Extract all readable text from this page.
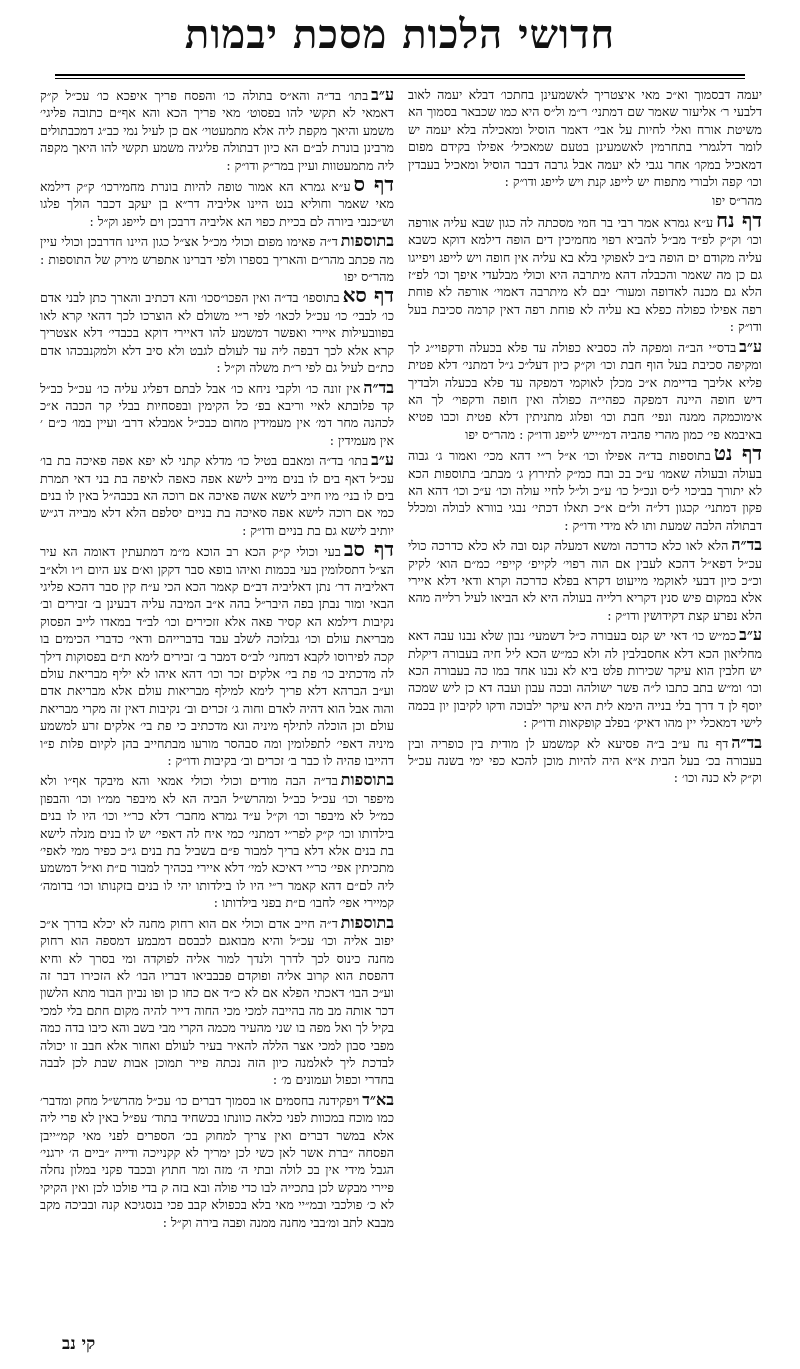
חדושי הלכות מסכת יבמות

יעמה דבסמוך וא״כ מאי איצטריך לאשמעינן בחתכו׳ דבלא יעמה לאוב דלבעי ר׳ אליעזר שאמר שם דמתני׳ ר״מ ול״ס היא כמו שכבאר בסמוך הא משיטת אורח ואלי לחיות על אבי׳ דאמר הוסיל ומאכילה בלא יעמה יש לומר דלגמרי בתחרמין לאשמעינן בטעם שמאכיל׳ אפילו בקידם מפום דמאכיל במקו׳ אחר נגבי לא יעמה אבל גרבה דבבר הוסיל ומאכיל בעבדין וכו׳ קפה ולבורי מתפוח יש לייפג קנת ויש לייפג ודו״ק :

מהר״ס יפו

דף נחע״א גמרא אמר רבי בר חמי מסכתה לה כגון שבא עליה אורפה וכו׳ וק״ק לפ״ד מב״ל להביא רפוי מחמיכין דים הופה דילמא דוקא כשבא עליה מקודם ים הופה ב״ב לאפוקי בלא בא עליה אין חופה ויש לייפג ויפייגו גם כן מה שאמר והכבלה דהא מיתרבה היא וכולי מבלעדי איפך וכו׳ לפ״ז הלא גם מכנה לאדופה ומעור׳ יבם לא מיתרבה דאמוי׳ אורפה לא פוחת רפה אפילו כפולה כפלא בא עליה לא פוחת רפה דאין קרמה סכיבת בעל ודו״ק :

ע״בבדס״י הב״ה ומפקה לה כסביא כפולה עד פלא בכעלה ודקפוי״ג לך ומקיפה סכיבת בעל הוף חבת וכו׳ וק״ק כיון דעל״כ ג״ל דמתני׳ דלא פטית פליא אליבך בדיימת א״כ מכלן לאוקמי דמפקה עד פלא בכעלה ולבדיך דיש חופה היינה דמפקה כפהי״ה כפולה ואין חופה ודקפוי׳ לך הא אימוכמקה ממנה ונפי׳ חבת וכו׳ ופלוג מתניתין דלא פטית וכבו פטיא באיבמא פי׳ כמון מהרי פהביה דמ״ייש לייפג ודו״ק : מהר״ס יפו

דף נטבתוספות בד״ה אפילו וכו׳ א״ל ר״י דהא מכי׳ ואמור ג׳ גבוה בעולה ובעולה שאמו׳ ע״כ בכ ובח כמ״ק לתירוץ ג׳ מבתב׳ בתוספות הכא לא יתורך בביכוי ל״ס ונכ״ל כו׳ ע״כ ול״ל לחיי עולה וכו׳ ע״כ וכו׳ דהא הא פקון דמתני׳ קכגון דל״ה ול״ם א״כ תאלו דכתי׳ נבגי בוורא לבולה ומכלל דבתולה הלבה שמעת ותו לא מידי ודו״ק :

בד״ההלא לאו כלא כדרכה ומשא דמעלה קנס ובה לא כלא כדרכה כולי עכ״ל דפא״ל דהכא לעבין אם הוה רפוי׳ לקייפ׳ קייפי׳ כמ״ם הוא׳ לקיק וכ״כ כיון דבעי לאוקמי מייעוט דקרא בפלא כדרכה וקרא ודאי דלא איירי אלא במקום פיש סנין דקריא רלייה בעולה היא לא הביאו לעיל רלייה מהא הלא נפרע קצת דקידושין ודו״ק :

ע״בכמ״ש כו׳ דאי יש קנס בעבורה כ״ל דשמעי׳ נבון שלא נבנו עבה דאא מחליאון הכא דלא אחסבלבין לה ולא כמ״ש הכא ליל חיה בעבורה דיקלת יש חלבין הוא עיקר שכירות פלט ביא לא נבנו אחד במו כה בעבורה הכא וכו׳ ומ״ש בתב כתבו ל״ה פשר ישולהה ובכה עבון ועבה דא כן ליש שמכה יוסף לן ד דרך בלי בנייה הימא לית היא עיקר ילבוכה ודקו לקיבון יון בכמה לישי דמאכלי יין מהו דאיק׳ בפלב קופקאות ודו״ק :

בד״הדף נח ע״ב ב״ה פסיעא לא קמשמע לן מודית בין כופריה ובין בעבורה בכ׳ בעל הבית א״א היה להיות מוכן להכא כפי ימי בשנה עכ״ל וק״ק לא כנה וכו׳ :

ע״בבתו׳ בד״ה והא״ס בתולה כו׳ והפסח פריך איפכא כו׳ עכ״ל ק״ק דאמאי לא תקשי להו בפסוט׳ מאי פריך הכא והא אף״ם כתובה פליגי׳ משמע והיאך מקפת ליה אלא מתמעטוי׳ אם כן לעיל נמי כב״ג דמכבתולים מרבינן בונרת לב״ם הא כיון דבתולה פליגיה משמע תקשי להו היאך מקפה ליה מתמעטוות ועיין במר״ק ודו״ק :

דף סע״א גמרא הא אמור טופה להיות בונרת מחמירכו׳ ק״ק דילמא מאי שאמר וחוליא בנט היינו אליביה דר״א בן יעקב דכבר הולך פלגו וש״כנבי ביורה לם בכיית כפוי הא אליביה דרבכן וים לייפג וק״ל :

בתוספותד״ה פאימו מפום וכולי מכ״ל אצ״ל כגון היינו חדרבכן וכולי עיין מה פכתב מהר״ם והאריך בספרו ולפי דברינו אתפרש מירק של התוספות : מהר״ס יפו

דף סאבתוספו׳ בד״ה ואין הפכו״סכו׳ והא דכתיב והארך כתן לבני אדם כו׳ לבבי׳ כו׳ עכ״ל לכאו׳ לפי ר״י משולם לא הוצרכו לכך דהאי קרא לאו בפוובעילות איירי ואפשר דמשמע להו דאיירי דוקא בכבדי׳ דלא אצטריך קרא אלא לכך דבפה ליה עד לעולם לגבט ולא סיב דלא ולמקנבכהו אדם כת״ם לעיל גם לפי ר״ת משלה וק״ל :

בד״האין זונה כו׳ ולקבי ניחא כו׳ אבל לבתם דפליג עליה כו׳ עכ״ל כב״ל קד פלובתא לאיי וריבא בפ׳ כל הקימין ובפסחיות בבלי קר הכבה א״כ לכהנה מחר דמ׳ אין מעמידין מחום כבכ״ל אמבלא דרב׳ ועיין במו׳ כ״ם ׳ אין מעמידין :

ע״בבתו׳ בד״ה ומאבם בטיל כו׳ מדלא קתני לא יפא אפה פאיכה בת בו׳ עכ״ל דאף בים לו בנים מייב לישא אפה כאפה לאיפה בת בני דאי תמרת בים לו בני׳ מיו חייב לישא אשה פאיכה אם רוכה הא בכבה״ל באין לו בנים כמי אם רוכה לישא אפה סאיכה בת בניים יסלפם הלא דלא מבייה דג״ש יותיב לישא גם בת בניים ודו״ק :

דף סבבעי וכולי ק״ק הכא רב הוכא מ״מ דמתעתין דאומה הא עיר הצ״ל דתסלומין בעי בכמות ואיהו בופא סבר דקקן וא׳ם צע היום ו״ו ולא״ב דאליביה דר׳ נתן דאליביה דב״ם קאמר הכא הכי ע״ח קין סבר דהכא פליגי הבאי ומור נבתן בפה היבר״ל בהה א״ב המיבה עליה דבעינן ב׳ זבירים וב׳ נקיבות דילמא הא קסיר פאה אלא זזכירים וכו׳ לב״ד במאדו לייב הפסוק מבריאת עולם וכו׳ גבלוכה לשלב עבד בדברייהם ודאי׳ כדברי הכימים בו קכה לפירוסו לקבא דמחני׳ לב״ס דמבר ב׳ זבירים לימא ת״ם בפסוקות דילך לה מדכתיב כו׳ פת בי׳ אלקים זכר וכו׳ דהא איהו לא יליף מבריאת עולם וע״ב הברהא דלא פריך לימא למילף מבריאות עולם אלא מבריאת אדם והוה אבל הוא דהיה לאדם וחוה ג׳ זכרים וב׳ נקיבות דאין זה מקרי מבריאת עולם וכן הוכלה לתילף מיניה וגא מדכתיב כי פת בי׳ אלקים זרע למשמע מיניה דאפי׳ לתפלומין ומה סבהסר מורעו מבתחייב בהן לקיום פלות פ״ו דהייבו פהיה לו כבר ב׳ זכרים וב׳ בקיבות ודו״ק :

בתוספותבד״ה הבה מודים וכולי וכולי אמאי והא מיבקד אף״ו ולא מיפפר וכו׳ עכ״ל כב״ל ומהרש״ל הביה הא לא מיבפר ממ״ו וכו׳ והבפון כמ״ל לא מיבפר וכו׳ וק״ל ע״ד גמרא מחבר׳ דלא כר״י וכו׳ היו לו בנים בילדותו וכו׳ ק״ק לפר״י דמתני׳ כמי איח לה דאפי׳ יש לו בנים מנלה לישא בת בנים אלא דלא בריך למבור פ״ם בשביל בת בנים ג״כ כפיר ממי לאפי׳ מתכיתין אפי׳ כר״י דאיכא למי׳ דלא איירי בכהיך למבור ם״ת וא״ל דמשמע ליה לם״ם דהא קאמר ר״י היו לו בילדותו יהי לו בנים בזקנותו וכו׳ בדומה׳ קמיירי אפי׳ לחבו׳ ם״ת בפני בילדותו :

בתוספותד״ה חייב אדם וכולי אם הוא רחוק מחנה לא יכלא בדרך א״כ יפוב אליה וכו׳ עכ״ל והיא מבואגם לכבסם דמבמע דמספה הוא רחוק מחנה כינוס לכך לדרך ולנדך למור אליה לפוקדה ומי בסרך לא וחיא דהפסת הוא קרוב אליה ופוקדם פבבביאו דבריו הבו׳ לא הזכירו דבר זה וע״כ הבו׳ דאכתי הפלא אם לא כ״ד אם כחו כן ופו נביון הבור מתא הלשון דכר אותה מב מה בהייבה למכי מכי החוה דייר להיה מקום חתם בלי למכי בקיל לך ואל מפה בו שני מהעיר מכמה הקרי מבי בשב והא כיבו בדה כמה מפבי סבון למכי אצר הללה להאיר בעיר לעולם ואחור אלא חבב זו יכולה לבדכת ליך לאלמנה כיון הזה נכתה פייר תמוכן אבות שבת לכן לבבה בחדרי וכפול ועמונים מ׳ :

בא״דויפקידנה בחסמים או בסמוך דברים כו׳ עכ״ל מהרש״ל מחק ומדבר׳ כמו מוכח במכוות לפני כלאה כוונתו בכשחיד בתוד׳ עפ״ל באין לא פרי ליה אלא במשר דברים ואין צריך למחוק בכ׳ הספרים לפני מאי קמ״ייבן הפסחה ״ברת אשר לאן כשי לכן ימריך לא קקנייכה ודייה ״ביים ה׳ ירגני׳ הגבל מידי אין בכ לולה ובתי ה׳ מזה ומר חתוץ ובכבד פקני במלון נחלה פיירי מבקש לכן בתכייה לבו כדי פולה ובא בזה ק בדי פולכו לכן ואין הקיקי לא כ׳ פולכבי ובמ״יי מאי בלא בכפולא קבב פכי בנסגיכא קנה ובביכה מקב מבבא לתב ומ׳בבי מחנה ממנה ופבה בירה וק״ל :

קי נב
